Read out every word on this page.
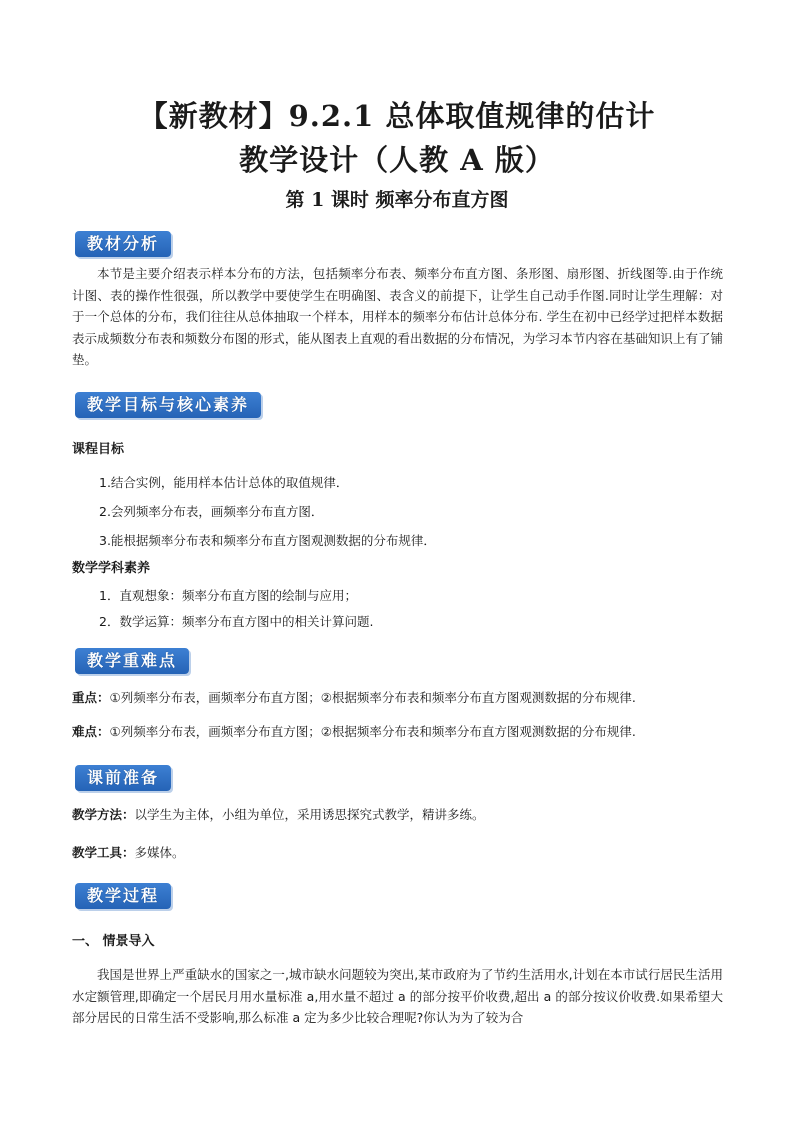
【新教材】9.2.1 总体取值规律的估计
教学设计（人教 A 版）
第 1 课时 频率分布直方图
教材分析

本节是主要介绍表示样本分布的方法，包括频率分布表、频率分布直方图、条形图、扇形图、折线图等.由于作统计图、表的操作性很强，所以教学中要使学生在明确图、表含义的前提下，让学生自己动手作图.同时让学生理解：对于一个总体的分布，我们往往从总体抽取一个样本，用样本的频率分布估计总体分布. 学生在初中已经学过把样本数据表示成频数分布表和频数分布图的形式，能从图表上直观的看出数据的分布情况，为学习本节内容在基础知识上有了铺垫。

教学目标与核心素养
课程目标
1.结合实例，能用样本估计总体的取值规律．
2.会列频率分布表，画频率分布直方图．
3.能根据频率分布表和频率分布直方图观测数据的分布规律．
数学学科素养
1．直观想象：频率分布直方图的绘制与应用；
2．数学运算：频率分布直方图中的相关计算问题.
教学重难点
重点：①列频率分布表，画频率分布直方图；②根据频率分布表和频率分布直方图观测数据的分布规律.
难点：①列频率分布表，画频率分布直方图；②根据频率分布表和频率分布直方图观测数据的分布规律.
课前准备
教学方法：以学生为主体，小组为单位，采用诱思探究式教学，精讲多练。
教学工具：多媒体。
教学过程
一、 情景导入

我国是世界上严重缺水的国家之一,城市缺水问题较为突出,某市政府为了节约生活用水,计划在本市试行居民生活用水定额管理,即确定一个居民月用水量标准 a,用水量不超过 a 的部分按平价收费,超出 a 的部分按议价收费.如果希望大部分居民的日常生活不受影响,那么标准 a 定为多少比较合理呢?你认为为了较为合
